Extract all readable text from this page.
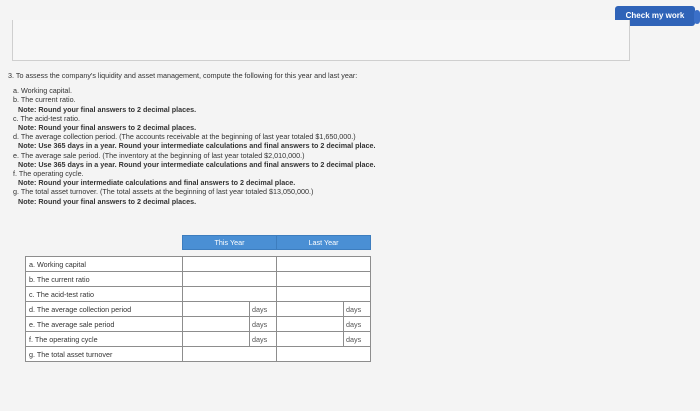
Check my work

3. To assess the company's liquidity and asset management, compute the following for this year and last year:

a. Working capital.
b. The current ratio.
Note: Round your final answers to 2 decimal places.
c. The acid-test ratio.
Note: Round your final answers to 2 decimal places.
d. The average collection period. (The accounts receivable at the beginning of last year totaled $1,650,000.)
Note: Use 365 days in a year. Round your intermediate calculations and final answers to 2 decimal place.
e. The average sale period. (The inventory at the beginning of last year totaled $2,010,000.)
Note: Use 365 days in a year. Round your intermediate calculations and final answers to 2 decimal place.
f. The operating cycle.
Note: Round your intermediate calculations and final answers to 2 decimal place.
g. The total asset turnover. (The total assets at the beginning of last year totaled $13,050,000.)
Note: Round your final answers to 2 decimal places.
	This Year		Last Year	

a. Working capital				
b. The current ratio				
c. The acid-test ratio				
d. The average collection period		days		days
e. The average sale period		days		days
f. The operating cycle		days		days
g. The total asset turnover				
